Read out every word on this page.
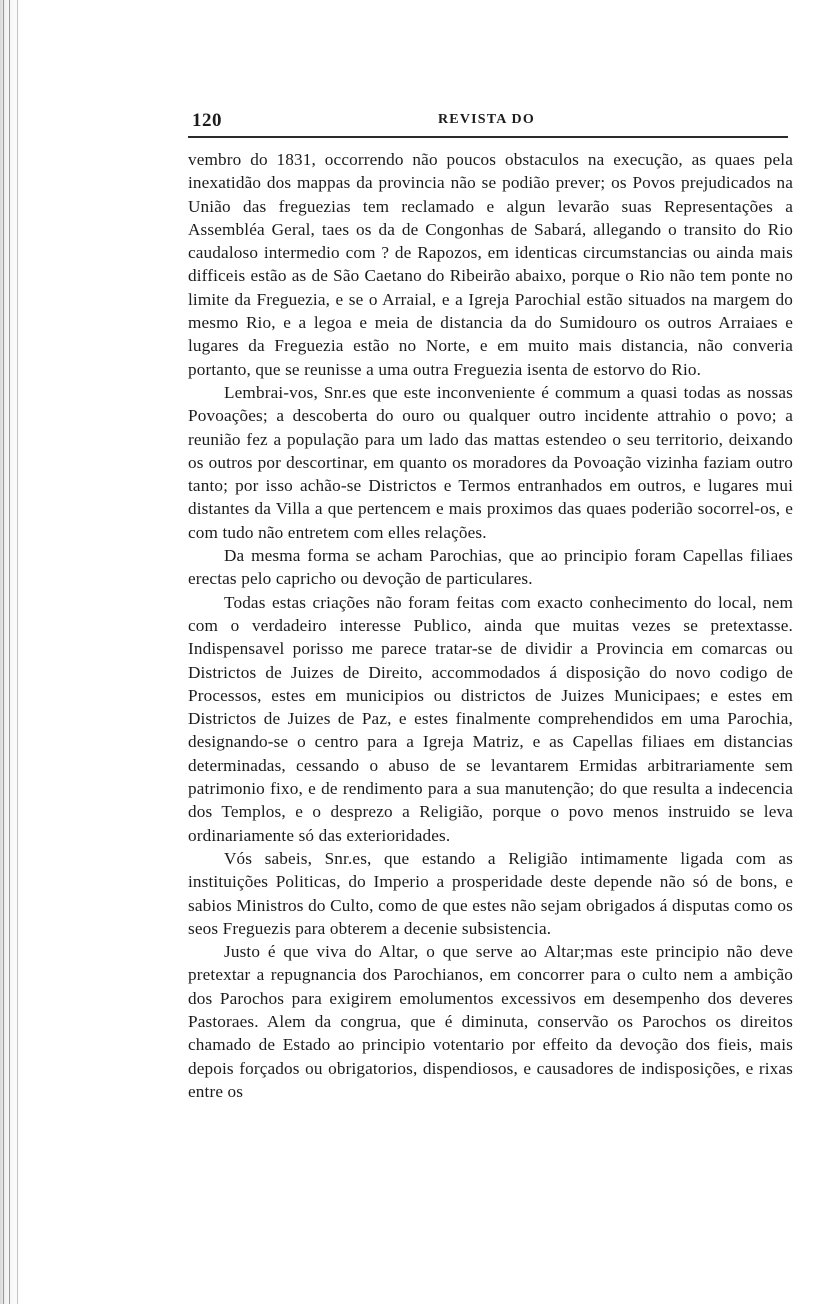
120	REVISTA DO

vembro do 1831, occorrendo não poucos obstaculos na execução, as quaes pela inexatidão dos mappas da provincia não se podião prever; os Povos prejudicados na União das freguezias tem reclamado e algun levarão suas Representações a Assembléa Geral, taes os da de Congonhas de Sabará, allegando o transito do Rio caudaloso intermedio com ? de Rapozos, em identicas circumstancias ou ainda mais difficeis estão as de São Caetano do Ribeirão abaixo, porque o Rio não tem ponte no limite da Freguezia, e se o Arraial, e a Igreja Parochial estão situados na margem do mesmo Rio, e a legoa e meia de distancia da do Sumidouro os outros Arraiaes e lugares da Freguezia estão no Norte, e em muito mais distancia, não converia portanto, que se reunisse a uma outra Freguezia isenta de estorvo do Rio.

Lembrai-vos, Snr.es que este inconveniente é commum a quasi todas as nossas Povoações; a descoberta do ouro ou qualquer outro incidente attrahio o povo; a reunião fez a população para um lado das mattas estendeo o seu territorio, deixando os outros por descortinar, em quanto os moradores da Povoação vizinha faziam outro tanto; por isso achão-se Districtos e Termos entranhados em outros, e lugares mui distantes da Villa a que pertencem e mais proximos das quaes poderião socorrel-os, e com tudo não entretem com elles relações.

Da mesma forma se acham Parochias, que ao principio foram Capellas filiaes erectas pelo capricho ou devoção de particulares.

Todas estas criações não foram feitas com exacto conhecimento do local, nem com o verdadeiro interesse Publico, ainda que muitas vezes se pretextasse. Indispensavel porisso me parece tratar-se de dividir a Provincia em comarcas ou Districtos de Juizes de Direito, accommodados á disposição do novo codigo de Processos, estes em municipios ou districtos de Juizes Municipaes; e estes em Districtos de Juizes de Paz, e estes finalmente comprehendidos em uma Parochia, designando-se o centro para a Igreja Matriz, e as Capellas filiaes em distancias determinadas, cessando o abuso de se levantarem Ermidas arbitrariamente sem patrimonio fixo, e de rendimento para a sua manutenção; do que resulta a indecencia dos Templos, e o desprezo a Religião, porque o povo menos instruido se leva ordinariamente só das exterioridades.

Vós sabeis, Snr.es, que estando a Religião intimamente ligada com as instituições Politicas, do Imperio a prosperidade deste depende não só de bons, e sabios Ministros do Culto, como de que estes não sejam obrigados á disputas como os seos Freguezis para obterem a decenie subsistencia.

Justo é que viva do Altar, o que serve ao Altar;mas este principio não deve pretextar a repugnancia dos Parochianos, em concorrer para o culto nem a ambição dos Parochos para exigirem emolumentos excessivos em desempenho dos deveres Pastoraes. Alem da congrua, que é diminuta, conservão os Parochos os direitos chamado de Estado ao principio votentario por effeito da devoção dos fieis, mais depois forçados ou obrigatorios, dispendiosos, e causadores de indisposições, e rixas entre os
